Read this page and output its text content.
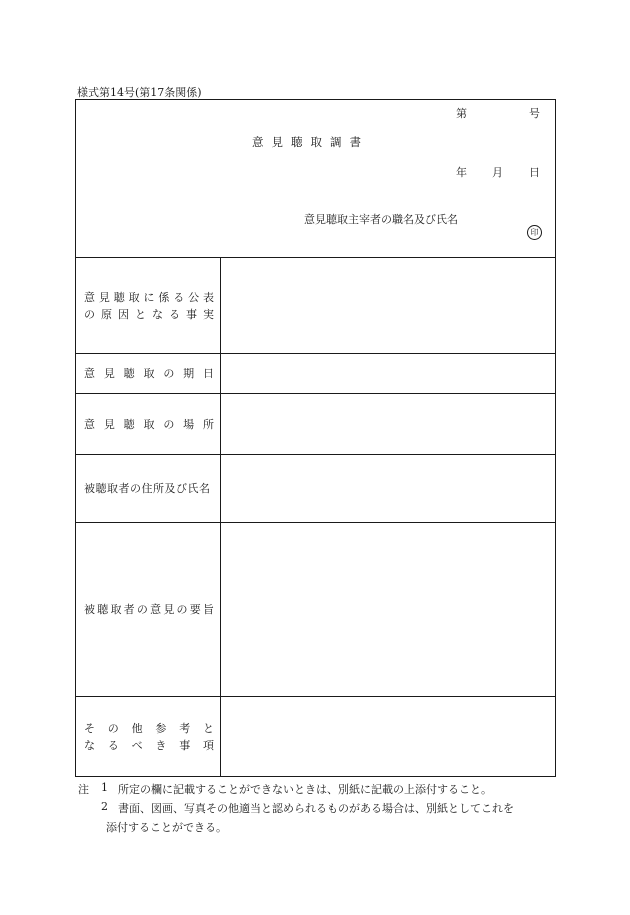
様式第14号(第17条関係)
第	号
意見聴取調書
年 月 日
意見聴取主宰者の職名及び氏名
印
意見聴取に係る公表
の原因となる事実
意見聴取の期日
意見聴取の場所
被聴取者の住所及び氏名
被聴取者の意見の要旨
その他参考と
なるべき事項
注 1 所定の欄に記載することができないときは、別紙に記載の上添付すること。
2 書面、図画、写真その他適当と認められるものがある場合は、別紙としてこれを
添付することができる。
